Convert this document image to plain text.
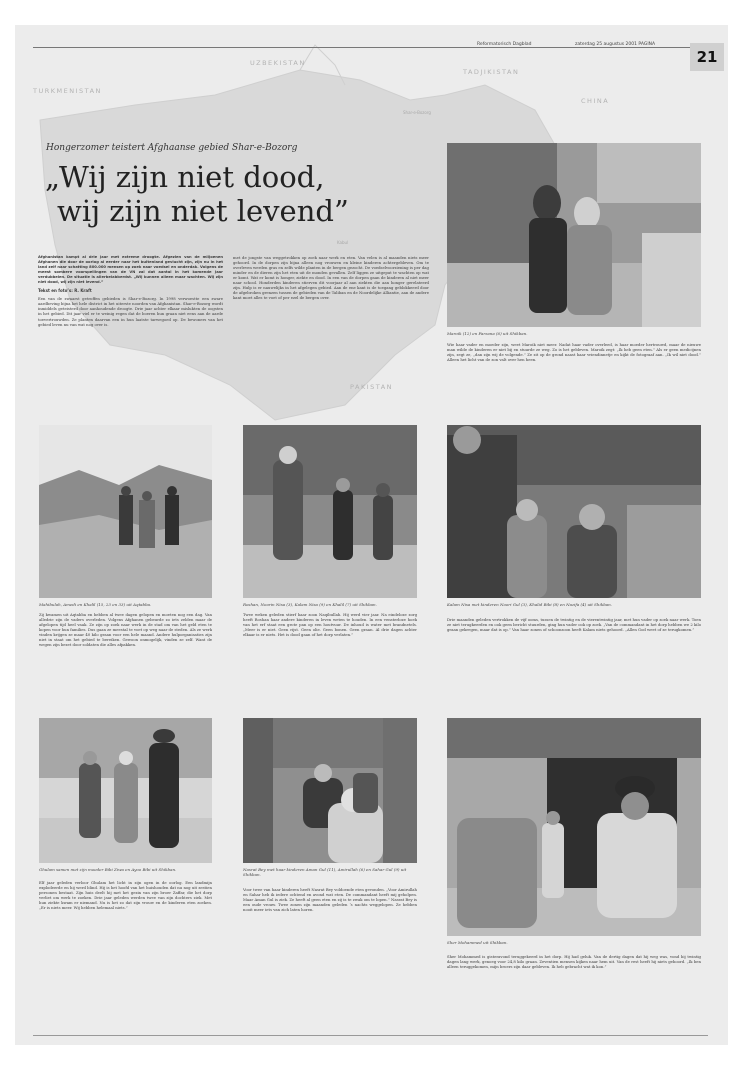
Reformatorisch Dagblad	zaterdag 25 augustus 2001 PAGINA
21
UZBEKISTAN
TURKMENISTAN
TADJIKISTAN
CHINA
PAKISTAN
Shar-e-Bozorg
Kabul
Hongerzomer teistert Afghaanse gebied Shar-e-Bozorg
„Wij zijn niet dood,
wij zijn niet levend”
Afghanistan kampt al drie jaar met extreme droogte. Afgezien van de miljoenen Afghanen die door de oorlog al eerder naar het buitenland gevlucht zijn, zijn nu in het land zelf naar schatting 800.000 mensen op zoek naar voedsel en onderdak. Volgens de meest sombere voorspellingen van de VN zal dat aantal in het komende jaar verdubbelen. De situatie is allerbelabberdst. „Wij kunnen alleen maar wachten. Wij zijn niet dood, wij zijn niet levend.”
Tekst en foto’s: R. Kraft
Een van de zwaarst getroffen gebieden is Shar-e-Bozorg. In 1998 verwoestte een zware aardbeving bijna het hele district in het uiterste noorden van Afghanistan. Shar-e-Bozorg wordt inmiddels geteisterd door aanhoudende droogte. Drie jaar achter elkaar mislukten de oogsten in het gebied. Dit jaar viel er te weinig regen dat de boeren hun graan niet eens aan de aarde toevertrouwden. Ze planten daarvan een in hun laatste tarwegoed op. De bewoners van het gebied leven nu van wat nog over is.
met de jongste van weggetrokken op zoek naar werk en eten. Van velen is al maanden niets meer gehoord. In de dorpen zijn bijna alleen nog vrouwen en kleine kinderen achtergebleven. Om te overleven werden gras en zelfs wilde planten in de bergen gezocht. De voedselvoorziening is per dag minder en de dieren zijn het eten uit de monden gevallen. Zelf liggen ze uitgeput te wachten op wat er komt. Wat er komt is honger, ziekte en dood. In een van de dorpen gaan de kinderen al niet meer naar school. Honderden kinderen stierven dit voorjaar al aan ziekten die aan honger gerelateerd zijn. Hulp is er nauwelijks in het afgelegen gebied. Aan de ene kant is de toegang geblokkeerd door de afgebroken grenzen tussen de gebieden van de Taliban en de Noordelijke Alliantie, aan de andere kant moet alles te voet of per ezel de bergen over.
Maroik (12) en Farzana (6) uit Shikban.
Wie haar vader en moeder zijn, weet Maroik niet meer. Nadat haar vader overleed, is haar moeder hertrouwd, maar de nieuwe man wilde de kinderen er niet bij en stuurde ze weg. Zo is het gebleven. Maroik zegt: „Ik heb geen eten.” Als er geen medicijnen zijn, zegt ze, „dan zijn wij de volgende.” Ze zit op de grond naast haar vriendinnetje en kijkt de fotograaf aan. „Ik wil niet dood.” Alleen het licht van de zon valt over hen heen.
Mahibulah, Amedi en Khalil (15, 23 en 33) uit Aqtabba.
Zij kwamen uit Aqtabba en hebben al twee dagen gelopen en moeten nog een dag. Van alledrie zijn de vaders overleden. Volgens Afghanen gebeurde zo iets zelden maar de afgelopen tijd heel vaak. Ze zijn op zoek naar werk in de stad om van het geld eten te kopen voor hun families. Dus gaan ze meestal te voet op weg naar de steden. Als ze werk vinden krijgen ze maar 40 kilo graan voor een hele maand. Andere hulporganisaties zijn niet in staat om het gebied te bereiken. Gewoon onmogelijk, vinden ze zelf. Want de wegen zijn bezet door soldaten die alles afpakken.
Roshan, Noorin Nisa (3), Kalam Nisa (9) en Khalil (7) uit Shikban.
Twee weken geleden stierf haar zoon Naqibullah. Hij werd vier jaar. Na eindeloze zorg heeft Roshan haar andere kinderen in leven weten te houden. In een vensterloze hoek van het erf staat een grote pan op een houtvuur. De inhoud is water met brandnetels. „Meer is er niet. Geen rijst. Geen olie. Geen bonen. Geen graan. Al drie dagen achter elkaar is er niets. Het is dood gaan of het dorp verlaten.”
Kalam Nisa met kinderen Noori Gul (3), Khalid Bibi (8) en Nazifa (4) uit Shikban.
Drie maanden geleden vertrokken de vijf ooms, tussen de twintig en de vierentwintig jaar, met hun vader op zoek naar werk. Toen ze niet terugkeerden en ook geen bericht stuurden, ging hun vader ook op zoek. „Van de commandant in het dorp hebben we 2 kilo graan gekregen, maar dat is op.” Van haar zonen of schoonzoon heeft Kalam niets gehoord. „Allen God weet of ze terugkomen.”
Ghulam samen met zijn moeder Bibi Ziwa en Ayoo Bibi uit Shikban.
Elf jaar geleden verloor Ghulam het licht in zijn ogen in de oorlog. Een landmijn explodeerde en hij werd blind. Hij is het hoofd van het huishouden dat nu nog uit zestien personen bestaat. Zijn huis deelt hij met het gezin van zijn broer Zaffar, die het dorp verliet om werk te zoeken. Drie jaar geleden werden twee van zijn dochters ziek. Met hun ziekte kwam er niemand. Nu is het zo dat zijn vrouw en de kinderen eten zoeken. „Er is niets meer. Wij hebben helemaal niets.”
Nasrat Bey met haar kinderen Aman Gul (11), Amirullah (6) en Sahar Gul (9) uit Shikban.
Voor twee van haar kinderen heeft Nasrat Bey voldoende eten gevonden. „Voor Amirullah en Sahar heb ik iedere ochtend en avond wat eten. De commandant heeft mij geholpen. Maar Aman Gul is ziek. Ze heeft al geen eten en zij is te zwak om te lopen.” Nasrat Bey is een oude vrouw. Twee zonen zijn maanden geleden ‘s nachts weggelopen. Ze hebben nooit meer iets van zich laten horen.
Sher Mohammed uit Shikban.
Sher Mohammed is gisteravond teruggekeerd in het dorp. Hij had geluk. Van de dertig dagen dat hij weg was, vond hij twintig dagen lang werk, genoeg voor 24,8 kilo graan. Zeventien mensen kijken naar hem uit. Van de rest heeft hij niets gehoord. „Ik ben alleen teruggekomen, mijn broers zijn daar gebleven. Ik heb gebracht wat ik kon.”
